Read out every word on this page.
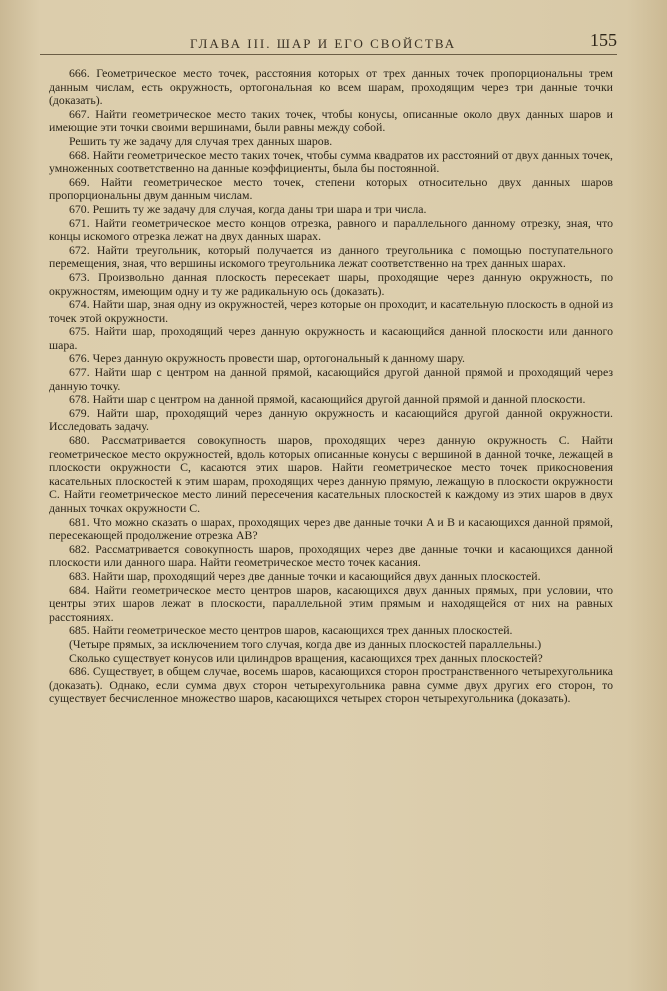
ГЛАВА III. ШАР И ЕГО СВОЙСТВА	155

666. Геометрическое место точек, расстояния которых от трех данных точек пропорциональны трем данным числам, есть окружность, ортогональная ко всем шарам, проходящим через три данные точки (доказать).

667. Найти геометрическое место таких точек, чтобы конусы, описанные около двух данных шаров и имеющие эти точки своими вершинами, были равны между собой.

Решить ту же задачу для случая трех данных шаров.

668. Найти геометрическое место таких точек, чтобы сумма квадратов их расстояний от двух данных точек, умноженных соответственно на данные коэффициенты, была бы постоянной.

669. Найти геометрическое место точек, степени которых относительно двух данных шаров пропорциональны двум данным числам.

670. Решить ту же задачу для случая, когда даны три шара и три числа.

671. Найти геометрическое место концов отрезка, равного и параллельного данному отрезку, зная, что концы искомого отрезка лежат на двух данных шарах.

672. Найти треугольник, который получается из данного треугольника с помощью поступательного перемещения, зная, что вершины искомого треугольника лежат соответственно на трех данных шарах.

673. Произвольно данная плоскость пересекает шары, проходящие через данную окружность, по окружностям, имеющим одну и ту же радикальную ось (доказать).

674. Найти шар, зная одну из окружностей, через которые он проходит, и касательную плоскость в одной из точек этой окружности.

675. Найти шар, проходящий через данную окружность и касающийся данной плоскости или данного шара.

676. Через данную окружность провести шар, ортогональный к данному шару.

677. Найти шар с центром на данной прямой, касающийся другой данной прямой и проходящий через данную точку.

678. Найти шар с центром на данной прямой, касающийся другой данной прямой и данной плоскости.

679. Найти шар, проходящий через данную окружность и касающийся другой данной окружности. Исследовать задачу.

680. Рассматривается совокупность шаров, проходящих через данную окружность C. Найти геометрическое место окружностей, вдоль которых описанные конусы с вершиной в данной точке, лежащей в плоскости окружности C, касаются этих шаров. Найти геометрическое место точек прикосновения касательных плоскостей к этим шарам, проходящих через данную прямую, лежащую в плоскости окружности C. Найти геометрическое место линий пересечения касательных плоскостей к каждому из этих шаров в двух данных точках окружности C.

681. Что можно сказать о шарах, проходящих через две данные точки A и B и касающихся данной прямой, пересекающей продолжение отрезка AB?

682. Рассматривается совокупность шаров, проходящих через две данные точки и касающихся данной плоскости или данного шара. Найти геометрическое место точек касания.

683. Найти шар, проходящий через две данные точки и касающийся двух данных плоскостей.

684. Найти геометрическое место центров шаров, касающихся двух данных прямых, при условии, что центры этих шаров лежат в плоскости, параллельной этим прямым и находящейся от них на равных расстояниях.

685. Найти геометрическое место центров шаров, касающихся трех данных плоскостей.

(Четыре прямых, за исключением того случая, когда две из данных плоскостей параллельны.)

Сколько существует конусов или цилиндров вращения, касающихся трех данных плоскостей?

686. Существует, в общем случае, восемь шаров, касающихся сторон пространственного четырехугольника (доказать). Однако, если сумма двух сторон четырехугольника равна сумме двух других его сторон, то существует бесчисленное множество шаров, касающихся четырех сторон четырехугольника (доказать).
